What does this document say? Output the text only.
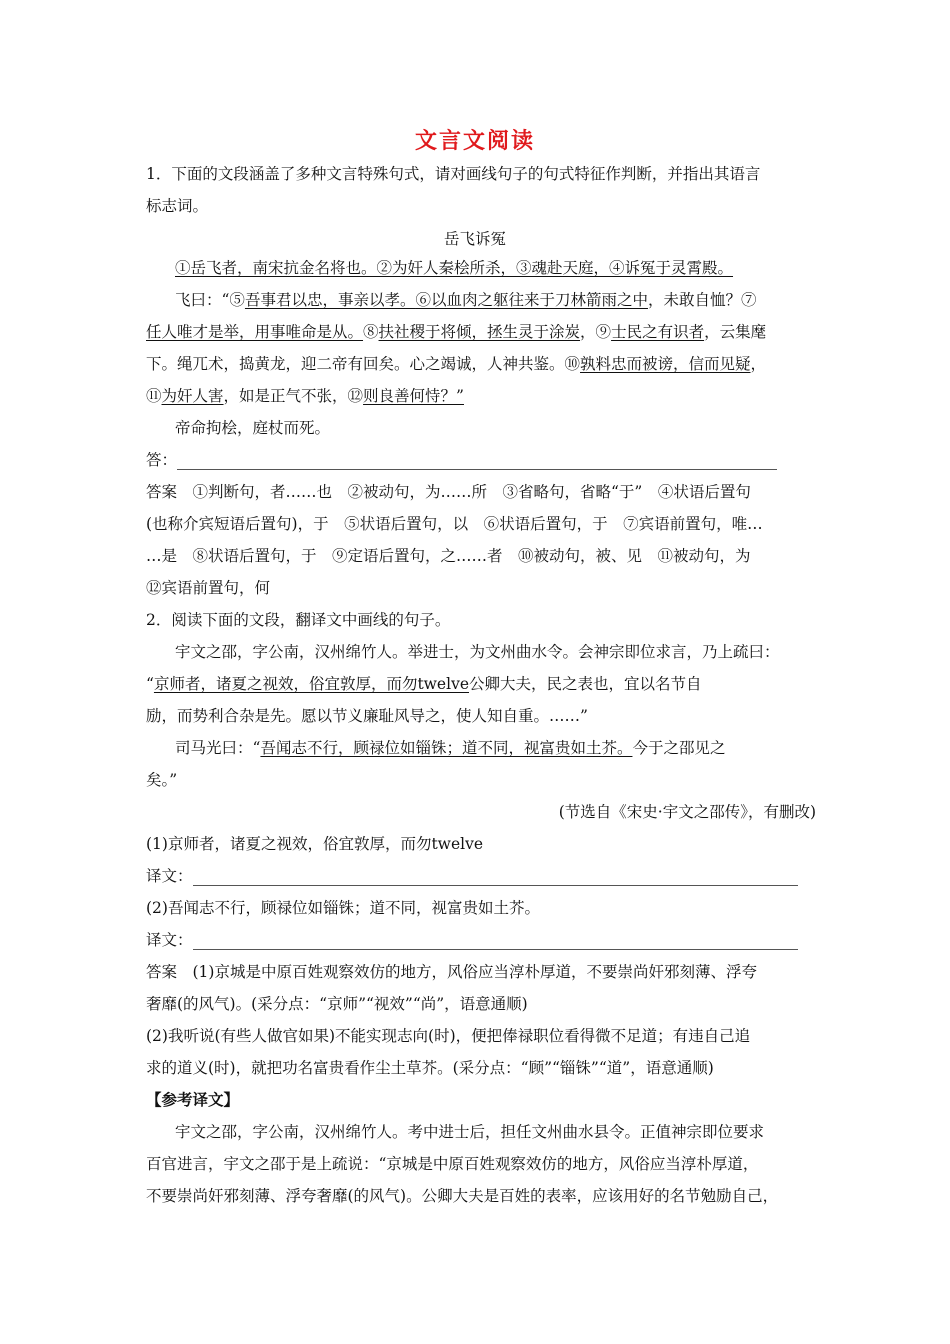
文言文阅读
1．下面的文段涵盖了多种文言特殊句式，请对画线句子的句式特征作判断，并指出其语言
标志词。
岳飞诉冤
①岳飞者，南宋抗金名将也。②为奸人秦桧所杀，③魂赴天庭，④诉冤于灵霄殿。
飞曰：“⑤吾事君以忠，事亲以孝。⑥以血肉之躯往来于刀林箭雨之中，未敢自恤？⑦
任人唯才是举，用事唯命是从。⑧扶社稷于将倾，拯生灵于涂炭，⑨士民之有识者，云集麾
下。绳兀术，捣黄龙，迎二帝有回矣。心之竭诚，人神共鉴。⑩孰料忠而被谤，信而见疑，
⑪为奸人害，如是正气不张，⑫则良善何恃？”
帝命拘桧，庭杖而死。
答：
答案　①判断句，者……也　②被动句，为……所　③省略句，省略“于”　④状语后置句
(也称介宾短语后置句)，于　⑤状语后置句，以　⑥状语后置句，于　⑦宾语前置句，唯…
…是　⑧状语后置句，于　⑨定语后置句，之……者　⑩被动句，被、见　⑪被动句，为
⑫宾语前置句，何
2．阅读下面的文段，翻译文中画线的句子。
宇文之邵，字公南，汉州绵竹人。举进士，为文州曲水令。会神宗即位求言，乃上疏曰：
“京师者，诸夏之视效，俗宜敦厚，而勿twelve公卿大夫，民之表也，宜以名节自
励，而势利合杂是先。愿以节义廉耻风导之，使人知自重。……”
司马光曰：“吾闻志不行，顾禄位如锱铢；道不同，视富贵如土芥。今于之邵见之
矣。”
(节选自《宋史·宇文之邵传》，有删改)
(1)京师者，诸夏之视效，俗宜敦厚，而勿twelve
译文：
(2)吾闻志不行，顾禄位如锱铢；道不同，视富贵如土芥。
译文：
答案　(1)京城是中原百姓观察效仿的地方，风俗应当淳朴厚道，不要崇尚奸邪刻薄、浮夸
奢靡(的风气)。(采分点：“京师”“视效”“尚”，语意通顺)
(2)我听说(有些人做官如果)不能实现志向(时)，便把俸禄职位看得微不足道；有违自己追
求的道义(时)，就把功名富贵看作尘土草芥。(采分点：“顾”“锱铢”“道”，语意通顺)
【参考译文】
宇文之邵，字公南，汉州绵竹人。考中进士后，担任文州曲水县令。正值神宗即位要求
百官进言，宇文之邵于是上疏说：“京城是中原百姓观察效仿的地方，风俗应当淳朴厚道，
不要崇尚奸邪刻薄、浮夸奢靡(的风气)。公卿大夫是百姓的表率，应该用好的名节勉励自己，
